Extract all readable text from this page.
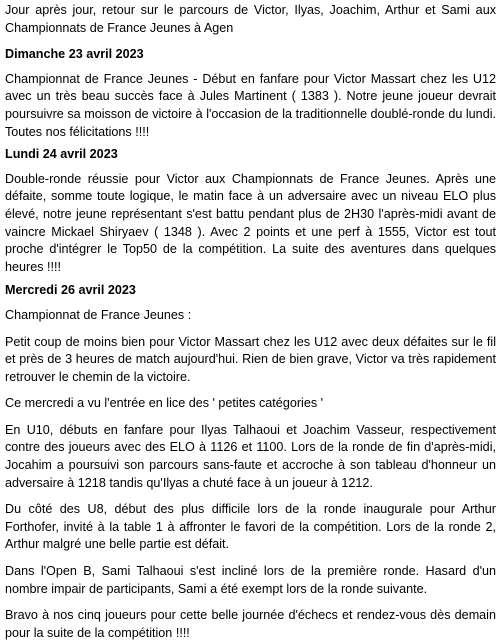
Jour après jour, retour sur le parcours de Victor, Ilyas, Joachim, Arthur et Sami aux Championnats de France Jeunes à Agen

Dimanche 23 avril 2023

Championnat de France Jeunes - Début en fanfare pour Victor Massart chez les U12 avec un très beau succès face à Jules Martinent ( 1383 ). Notre jeune joueur devrait poursuivre sa moisson de victoire à l'occasion de la traditionnelle doublé-ronde du lundi. Toutes nos félicitations !!!!

Lundi 24 avril 2023

Double-ronde réussie pour Victor aux Championnats de France Jeunes. Après une défaite, somme toute logique, le matin face à un adversaire avec un niveau ELO plus élevé, notre jeune représentant s'est battu pendant plus de 2H30 l'après-midi avant de vaincre Mickael Shiryaev ( 1348 ). Avec 2 points et une perf à 1555, Victor est tout proche d'intégrer le Top50 de la compétition. La suite des aventures dans quelques heures !!!!

Mercredi 26 avril 2023

Championnat de France Jeunes :

Petit coup de moins bien pour Victor Massart chez les U12 avec deux défaites sur le fil et près de 3 heures de match aujourd'hui. Rien de bien grave, Victor va très rapidement retrouver le chemin de la victoire.

Ce mercredi a vu l'entrée en lice des ' petites catégories '

En U10, débuts en fanfare pour Ilyas Talhaoui et Joachim Vasseur, respectivement contre des joueurs avec des ELO à 1126 et 1100. Lors de la ronde de fin d'après-midi, Jocahim a poursuivi son parcours sans-faute et accroche à son tableau d'honneur un adversaire à 1218 tandis qu'Ilyas a chuté face à un joueur à 1212.

Du côté des U8, début des plus difficile lors de la ronde inaugurale pour Arthur Forthofer, invité à la table 1 à affronter le favori de la compétition. Lors de la ronde 2, Arthur malgré une belle partie est défait.

Dans l'Open B, Sami Talhaoui s'est incliné lors de la première ronde. Hasard d'un nombre impair de participants, Sami a été exempt lors de la ronde suivante.

Bravo à nos cinq joueurs pour cette belle journée d'échecs et rendez-vous dès demain pour la suite de la compétition !!!!
